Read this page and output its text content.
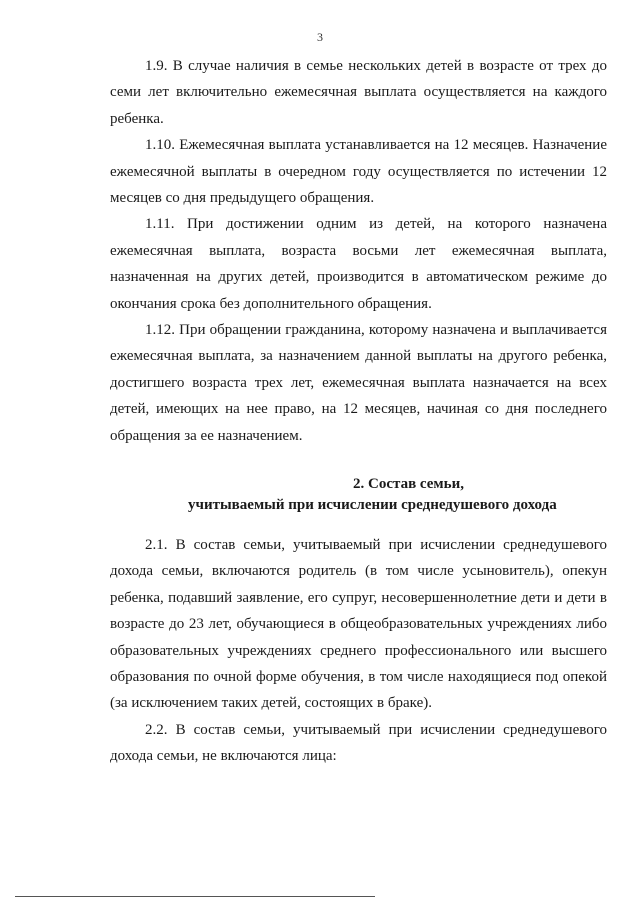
3

1.9. В случае наличия в семье нескольких детей в возрасте от трех до семи лет включительно ежемесячная выплата осуществляется на каждого ребенка.

1.10. Ежемесячная выплата устанавливается на 12 месяцев. Назначение ежемесячной выплаты в очередном году осуществляется по истечении 12 месяцев со дня предыдущего обращения.

1.11. При достижении одним из детей, на которого назначена ежемесячная выплата, возраста восьми лет ежемесячная выплата, назначенная на других детей, производится в автоматическом режиме до окончания срока без дополнительного обращения.

1.12. При обращении гражданина, которому назначена и выплачивается ежемесячная выплата, за назначением данной выплаты на другого ребенка, достигшего возраста трех лет, ежемесячная выплата назначается на всех детей, имеющих на нее право, на 12 месяцев, начиная со дня последнего обращения за ее назначением.

2. Состав семьи,
учитываемый при исчислении среднедушевого дохода

2.1. В состав семьи, учитываемый при исчислении среднедушевого дохода семьи, включаются родитель (в том числе усыновитель), опекун ребенка, подавший заявление, его супруг, несовершеннолетние дети и дети в возрасте до 23 лет, обучающиеся в общеобразовательных учреждениях либо образовательных учреждениях среднего профессионального или высшего образования по очной форме обучения, в том числе находящиеся под опекой (за исключением таких детей, состоящих в браке).

2.2. В состав семьи, учитываемый при исчислении среднедушевого дохода семьи, не включаются лица:
